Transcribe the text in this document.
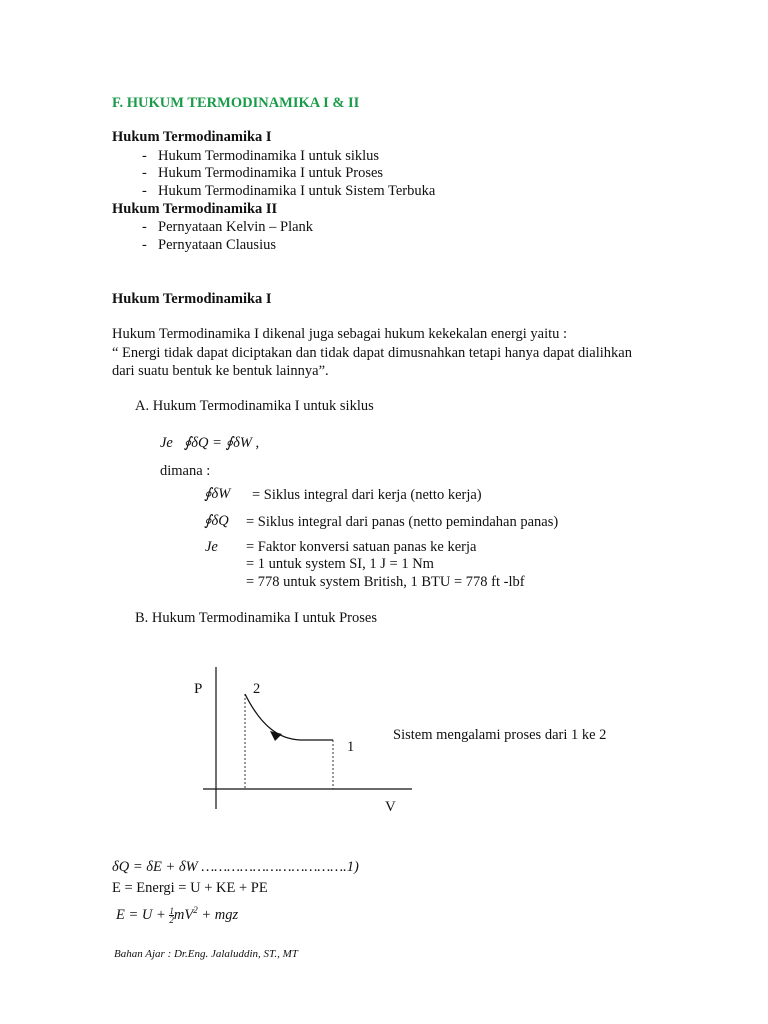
F. HUKUM TERMODINAMIKA I & II
Hukum Termodinamika I
- Hukum Termodinamika I untuk siklus
- Hukum Termodinamika I untuk Proses
- Hukum Termodinamika I untuk Sistem Terbuka
Hukum Termodinamika II
- Pernyataan Kelvin – Plank
- Pernyataan Clausius
Hukum Termodinamika I
Hukum Termodinamika I dikenal juga sebagai hukum kekekalan energi yaitu :
“ Energi tidak dapat diciptakan dan tidak dapat dimusnahkan tetapi hanya dapat dialihkan
dari suatu bentuk ke bentuk lainnya”.
A. Hukum Termodinamika I untuk siklus
Je ∮δQ = ∮δW ,
dimana :
∮δW = Siklus integral dari kerja (netto kerja)
∮δQ = Siklus integral dari panas (netto pemindahan panas)
Je = Faktor konversi satuan panas ke kerja
= 1 untuk system SI, 1 J = 1 Nm
= 778 untuk system British, 1 BTU = 778 ft -lbf
B. Hukum Termodinamika I untuk Proses
P	2
1
V
Sistem mengalami proses dari 1 ke 2
δQ = δE + δW …………………………….1)
E = Energi = U + KE + PE
$E = U + \frac{1}{2} mV^2$ + mgz
Bahan Ajar : Dr.Eng. Jalaluddin, ST., MT
